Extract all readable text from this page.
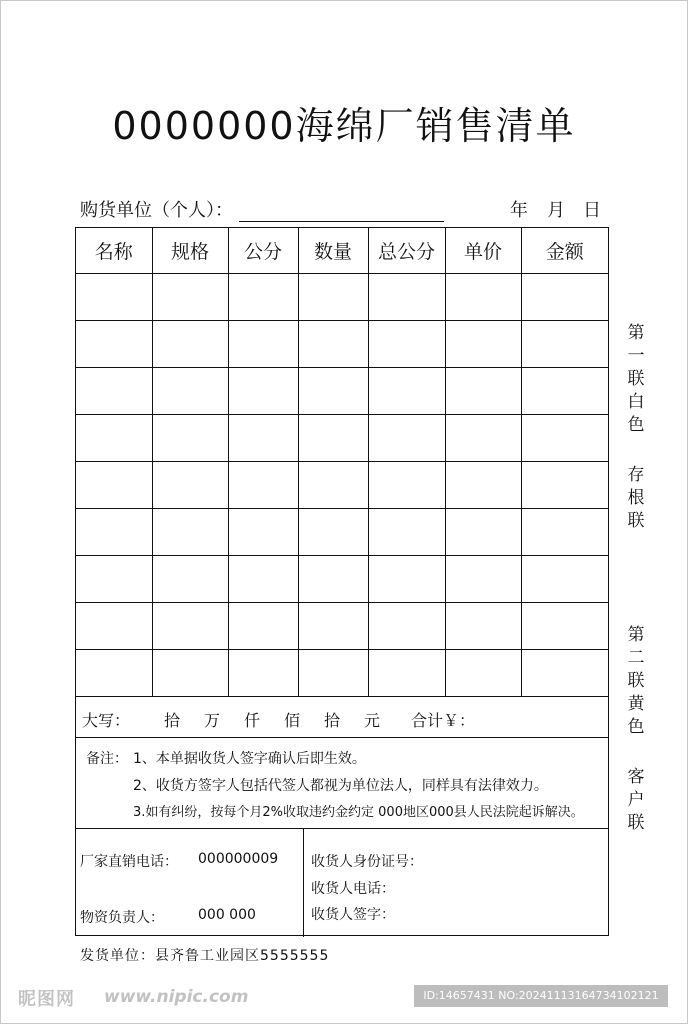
0000000海绵厂销售清单
购货单位（个人）：	年 月 日
名称	规格	公分	数量	总公分	单价	金额

大写： 拾 万 仟 佰 拾 元 合计￥：
备注： 1、本单据收货人签字确认后即生效。
2、收货方签字人包括代签人都视为单位法人，同样具有法律效力。
3.如有纠纷，按每个月2%收取违约金约定 000地区000县人民法院起诉解决。
厂家直销电话： 000000009
物资负责人： 000 000
收货人身份证号：
收货人电话：
收货人签字：
第
一
联
白
色
存
根
联
第
二
联
黄
色
客
户
联
发货单位：县齐鲁工业园区5555555
昵图网 www.nipic.com	ID:14657431 NO:20241113164734102121
